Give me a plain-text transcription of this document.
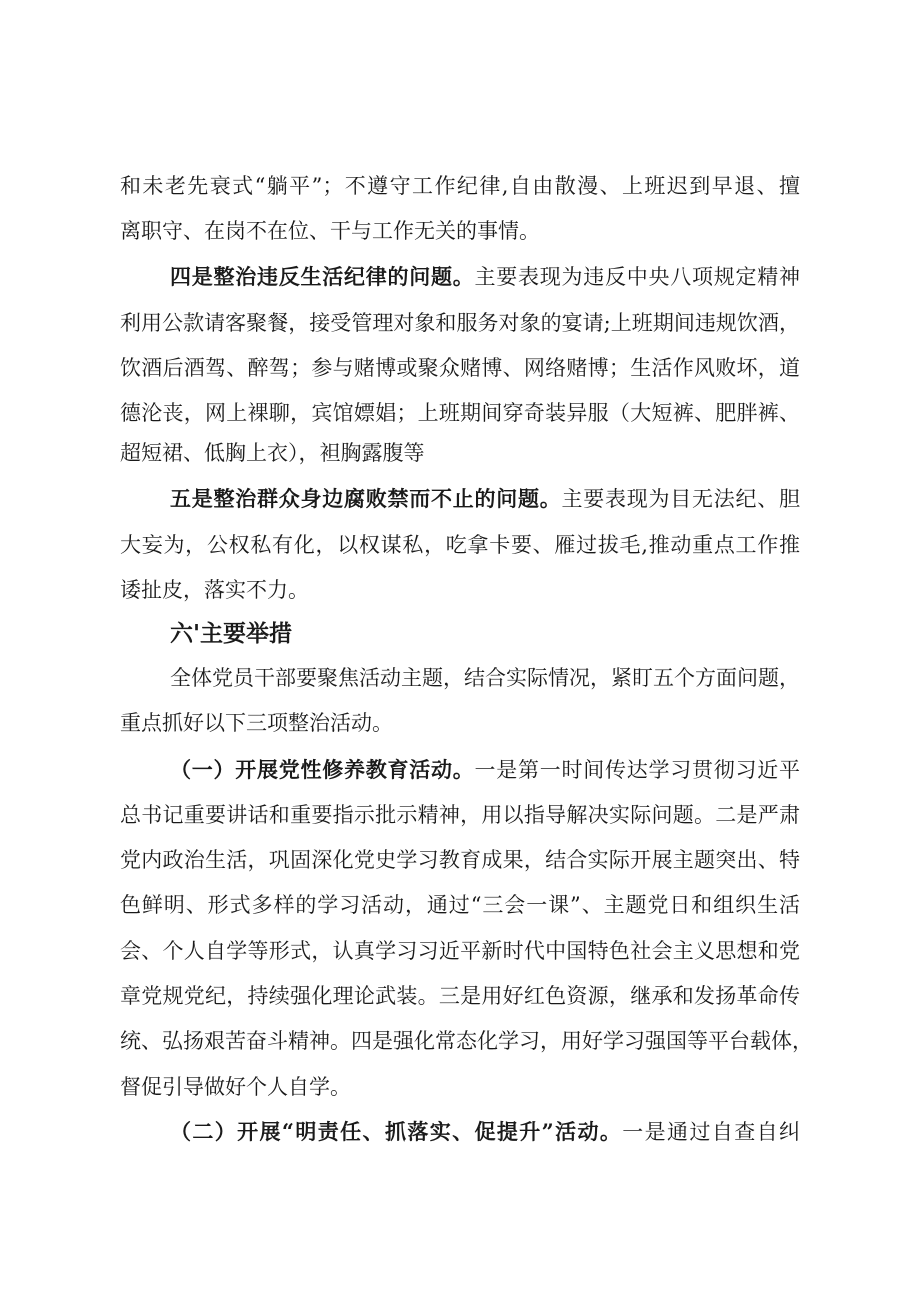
和未老先衰式“躺平”；不遵守工作纪律,自由散漫、上班迟到早退、擅
离职守、在岗不在位、干与工作无关的事情。
四是整治违反生活纪律的问题。主要表现为违反中央八项规定精神
利用公款请客聚餐，接受管理对象和服务对象的宴请;上班期间违规饮酒，
饮酒后酒驾、醉驾；参与赌博或聚众赌博、网络赌博；生活作风败坏，道
德沦丧，网上裸聊，宾馆嫖娼；上班期间穿奇装异服（大短裤、肥胖裤、
超短裙、低胸上衣），袒胸露腹等
五是整治群众身边腐败禁而不止的问题。主要表现为目无法纪、胆
大妄为，公权私有化，以权谋私，吃拿卡要、雁过拔毛,推动重点工作推
诿扯皮，落实不力。
六'主要举措
全体党员干部要聚焦活动主题，结合实际情况，紧盯五个方面问题，
重点抓好以下三项整治活动。
（一）开展党性修养教育活动。一是第一时间传达学习贯彻习近平
总书记重要讲话和重要指示批示精神，用以指导解决实际问题。二是严肃
党内政治生活，巩固深化党史学习教育成果，结合实际开展主题突出、特
色鲜明、形式多样的学习活动，通过“三会一课”、主题党日和组织生活
会、个人自学等形式，认真学习习近平新时代中国特色社会主义思想和党
章党规党纪，持续强化理论武装。三是用好红色资源，继承和发扬革命传
统、弘扬艰苦奋斗精神。四是强化常态化学习，用好学习强国等平台载体，
督促引导做好个人自学。
（二）开展“明责任、抓落实、促提升”活动。一是通过自查自纠
